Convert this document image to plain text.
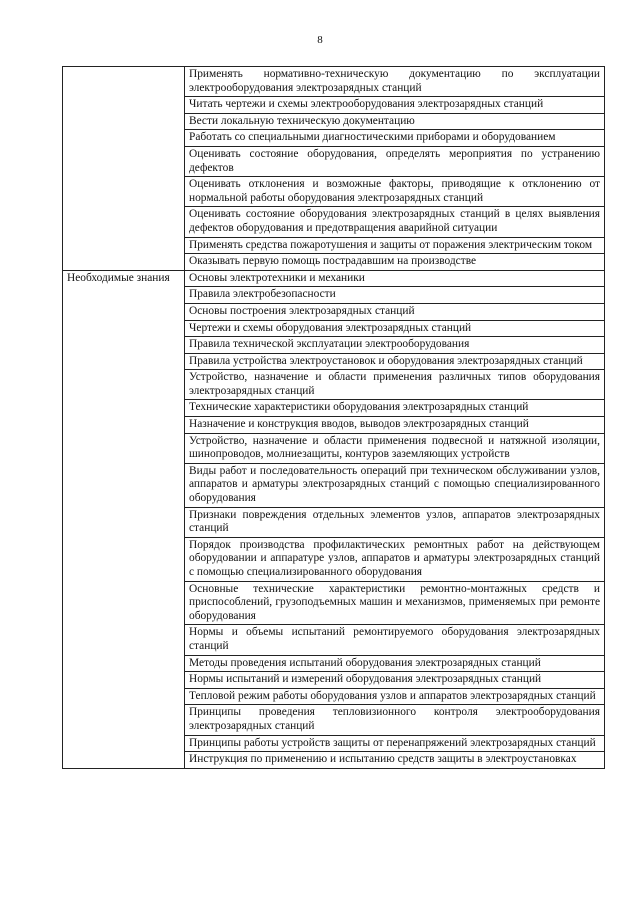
8
	Применять нормативно-техническую документацию по эксплуатации электрооборудования электрозарядных станций
	Читать чертежи и схемы электрооборудования электрозарядных станций
	Вести локальную техническую документацию
	Работать со специальными диагностическими приборами и оборудованием
	Оценивать состояние оборудования, определять мероприятия по устранению дефектов
	Оценивать отклонения и возможные факторы, приводящие к отклонению от нормальной работы оборудования электрозарядных станций
	Оценивать состояние оборудования электрозарядных станций в целях выявления дефектов оборудования и предотвращения аварийной ситуации
	Применять средства пожаротушения и защиты от поражения электрическим током
	Оказывать первую помощь пострадавшим на производстве
Необходимые знания	Основы электротехники и механики
	Правила электробезопасности
	Основы построения электрозарядных станций
	Чертежи и схемы оборудования электрозарядных станций
	Правила технической эксплуатации электрооборудования
	Правила устройства электроустановок и оборудования электрозарядных станций
	Устройство, назначение и области применения различных типов оборудования электрозарядных станций
	Технические характеристики оборудования электрозарядных станций
	Назначение и конструкция вводов, выводов электрозарядных станций
	Устройство, назначение и области применения подвесной и натяжной изоляции, шинопроводов, молниезащиты, контуров заземляющих устройств
	Виды работ и последовательность операций при техническом обслуживании узлов, аппаратов и арматуры электрозарядных станций с помощью специализированного оборудования
	Признаки повреждения отдельных элементов узлов, аппаратов электрозарядных станций
	Порядок производства профилактических ремонтных работ на действующем оборудовании и аппаратуре узлов, аппаратов и арматуры электрозарядных станций с помощью специализированного оборудования
	Основные технические характеристики ремонтно-монтажных средств и приспособлений, грузоподъемных машин и механизмов, применяемых при ремонте оборудования
	Нормы и объемы испытаний ремонтируемого оборудования электрозарядных станций
	Методы проведения испытаний оборудования электрозарядных станций
	Нормы испытаний и измерений оборудования электрозарядных станций
	Тепловой режим работы оборудования узлов и аппаратов электрозарядных станций
	Принципы проведения тепловизионного контроля электрооборудования электрозарядных станций
	Принципы работы устройств защиты от перенапряжений электрозарядных станций
	Инструкция по применению и испытанию средств защиты в электроустановках
